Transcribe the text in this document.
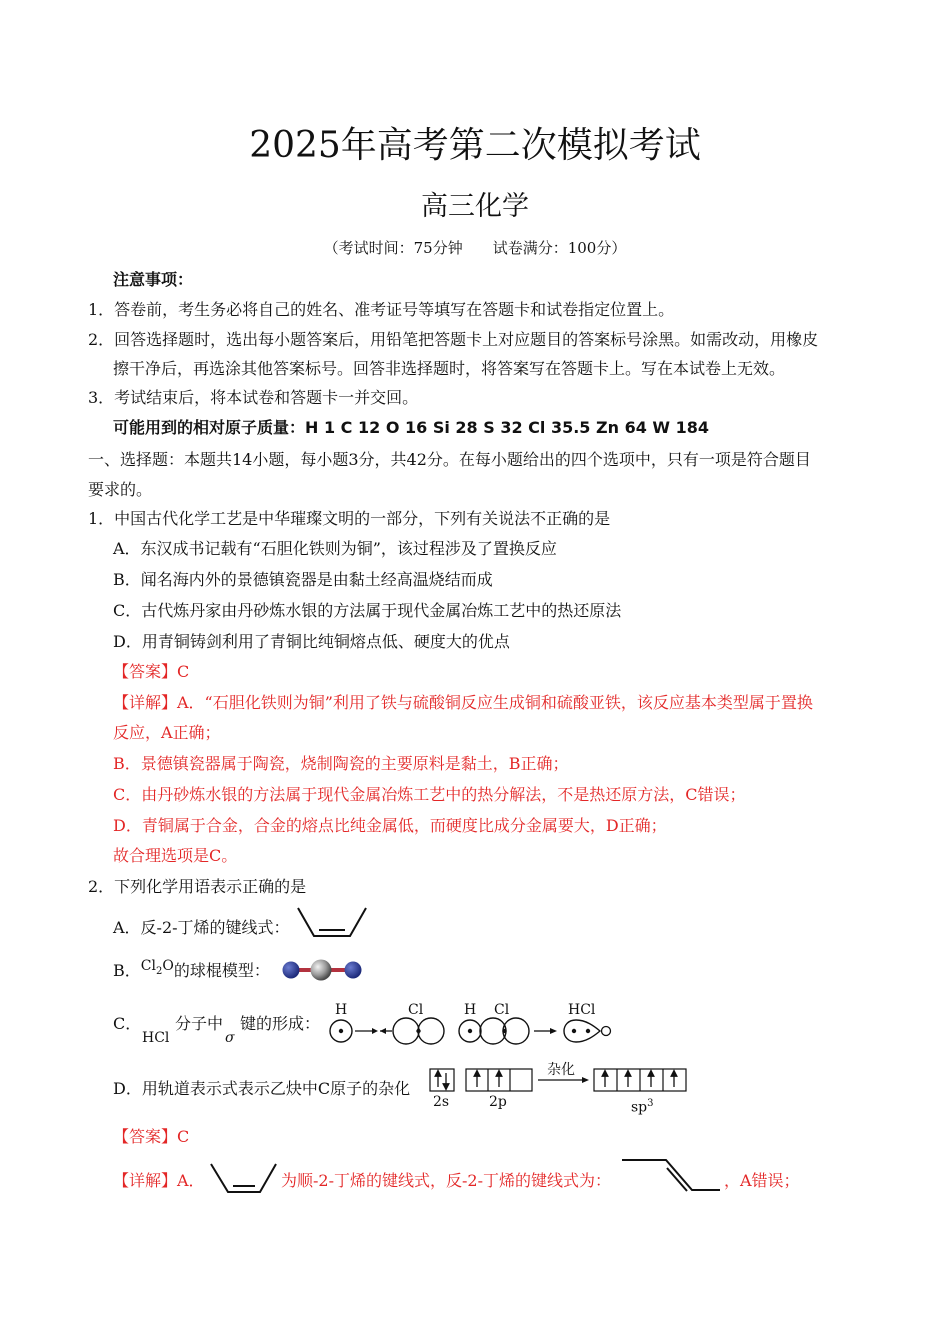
2025年高考第二次模拟考试
高三化学
（考试时间：75分钟　　试卷满分：100分）
注意事项：
1．答卷前，考生务必将自己的姓名、准考证号等填写在答题卡和试卷指定位置上。
2．回答选择题时，选出每小题答案后，用铅笔把答题卡上对应题目的答案标号涂黑。如需改动，用橡皮
擦干净后，再选涂其他答案标号。回答非选择题时，将答案写在答题卡上。写在本试卷上无效。
3．考试结束后，将本试卷和答题卡一并交回。
可能用到的相对原子质量：H 1 C 12 O 16 Si 28 S 32 Cl 35.5 Zn 64 W 184
一、选择题：本题共14小题，每小题3分，共42分。在每小题给出的四个选项中，只有一项是符合题目
要求的。
1．中国古代化学工艺是中华璀璨文明的一部分，下列有关说法不正确的是
A．东汉成书记载有“石胆化铁则为铜”，该过程涉及了置换反应
B．闻名海内外的景德镇瓷器是由黏土经高温烧结而成
C．古代炼丹家由丹砂炼水银的方法属于现代金属冶炼工艺中的热还原法
D．用青铜铸剑利用了青铜比纯铜熔点低、硬度大的优点
【答案】C
【详解】A．“石胆化铁则为铜”利用了铁与硫酸铜反应生成铜和硫酸亚铁，该反应基本类型属于置换
反应，A正确；
B．景德镇瓷器属于陶瓷，烧制陶瓷的主要原料是黏土，B正确；
C．由丹砂炼水银的方法属于现代金属冶炼工艺中的热分解法，不是热还原方法，C错误；
D．青铜属于合金，合金的熔点比纯金属低，而硬度比成分金属要大，D正确；
故合理选项是C。
2．下列化学用语表示正确的是
A．反-2-丁烯的键线式：
B．$Cl_2O$的球棍模型：
C．
HCl
分子中
σ
键的形成：
H	Cl	H Cl	HCl
D．用轨道表示式表示乙炔中C原子的杂化
杂化
2s	2p	$sp^3$
【答案】C
【详解】A．	为顺-2-丁烯的键线式，反-2-丁烯的键线式为：	，A错误；
